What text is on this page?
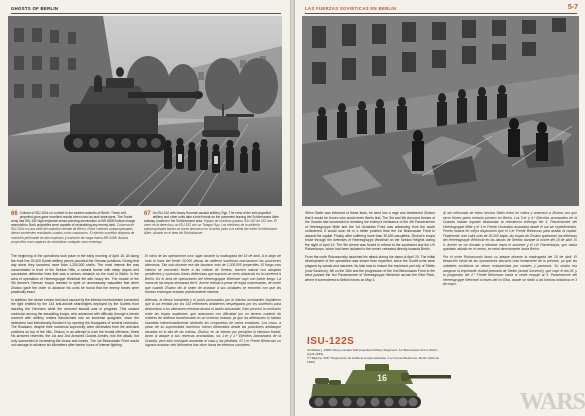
GHOSTS OF BERLIN
66 Column of ISU-152s on a street in the eastern suburbs of Berlin. These self-propelled guns gave excellent results when used as tank destroyers. The Soviet army has ISU-152 high-explosive-armor-piercing ammunition or BR-540B hollow-charge ammunition. Both projectiles were capable of neutralizing any enemy tank. Columna de ISU-152s en una calle del suburbio oriental de Berlín. Estos cañones autopropulsados dieron excelentes resultados usados como cazacarros. El ejército soviético disponía de munición perforante de alto explosivo y munición de carga hueca BR-540B. Ambos proyectiles eran capaces de neutralizar cualquier carro enemigo.
67 An ISU-152 with heavy Hummel assault artillery, Ryp. The crew of the self-propelled artillery and other units take a brief break on the pavement leaving the Schönhauser Allee subway, located in the Schönhauser area. Equipo de nuestros pasaba ISU-152 de 152 mm. El carro en la derecha y un ISU-152 con un Tanque Ryp. Los efectivos de la artillería autopropulsada toman un breve descanso en la acera junto a la salida del metro Schönhauser Allee, situado en el área de Schönhauser.

The beginning of the operations took place in the early morning of April 16. All along the front line 20,000 Soviet artillery pieces pounded the German positions. During that day alone they launched more than 1,200,000 shells. The most intense fire was concentrated in front of the Seelow Hills, a natural barrier with steep slopes and successive defensive lines that was a serious obstacle on the road to Berlin. In the area of operations of Heeresgruppe Weichsel fell with heavy fire. The morale of the 9th Armee's German troops resisted in spite of unnecessary casualties that when Zhukov gave the order to advance his units he found that the enemy forces were practically intact.

In addition, the dense smoke and dust caused by the intense bombardment prevented the light emitted by the 143 anti-aircraft searchlights deployed by the Soviets from dazzling the Germans while the armored assault was in progress. This caused confusion among the assaulting troops, who advanced with difficulty through a terrain covered with artillery craters transformed into an immense quagmire, since the defenders had intentionally flooded it by opening the floodgates of several reservoirs. The Russians, despite their numerical superiority, were decimated from the anti-tank positions on top of the hills. Zhukov, in an attempt to rush the frontal offensive, threw his armored reserves, the 1st and 2nd Armored Guards Armies, into the attack, but only succeeded in increasing the chaos and losses. The 1st Belorussian Front would not manage to advance six kilometers after twelve hours of intense fighting.

El inicio de las operaciones tuvo lugar durante la madrugada del 16 de abril. A lo largo de toda la línea del frente 20.000 piezas de artillería soviéticas machacaron las posiciones alemanas. Tan solo durante ese día lanzaron más de 1.200.000 proyectiles. El fuego más intenso se concentró frente a las colinas de Seelow, barrera natural con abruptas pendientes y sucesivas líneas defensivas que suponía un serio obstáculo en la carretera a Berlín. En el área de operaciones del Heeresgruppe Weichsel cayó con fuerte fuego. La moral de las tropas alemanas del 9. Armee resistió a pesar de bajas innecesarias, de modo que cuando Zhukov dio la orden de avanzar a sus unidades se encontró con que las fuerzas enemigas estaban prácticamente intactas.

Además, la densa humareda y el polvo provocados por el intenso bombardeo impidieron que la luz emitida por los 143 reflectores antiaéreos desplegados por los soviéticos para deslumbrar a los alemanes mientras durara el asalto acorazado. Esto provocó la confusión entre las tropas asaltantes, que avanzaron con dificultad por un terreno cubierto de cráteres de artillería transformado en un inmenso lodazal, ya que los defensores lo habían inundado intencionadamente abriendo las compuertas de varios embalses. Los rusos, a pesar de su superioridad numérica, fueron diezmados desde las posiciones antitanque situadas en lo alto de las colinas. Zhukov, en un intento por precipitar la ofensiva frontal, lanzó al ataque a sus reservas acorazadas, los 1.er y 2.º Ejércitos Acorazados de la Guardia, pero solo consiguió aumentar el caos y las pérdidas. El 1.er Frente Bielorruso no lograría avanzar seis kilómetros tras doce horas de intensos combates.

LAS FUERZAS SOVIÉTICAS EN BERLÍN	5-7

When Stalin was informed of these facts, he went into a rage and threatened Zhukov that it would be Konev who would enter Berlin first. The 3rd and 4th Armored Armies of the Guards had succeeded in breaking the enemy's resistance of the 4th Panzerarmee of Heeresgruppe Mitte and the 1st Ukrainian Front was advancing from the south unhindered. It would soon be in a better position than the 1st Belorussian Front to assault the capital. Finally, after suffering more than 30,000 casualties, Zhukov's troops broke through the defenses of Heeresgruppe Weichsel on the Seelow Heights during the night of April 19. The 9th Armee was forced to retreat to the southwest and the LVI Panzerkorps, which had been isolated in the center, retreated directly towards Berlin.

From the north Rokossovsky launched his attack during the dawn of April 20. The initial development of the operations was slower than expected, since the Soviet units were plagued by canals and marshes. Its task was to ensure the important port city of Stettin (now Szczecin), fell on the 26th and the progression of the 2nd Belorussian Front to the west pushed the 3rd Panzerarmee of Heeresgruppe Weichsel across the Elbe River, where it surrendered to British forces on May 3.

Al ser informado de estos hechos Stalin entró en cólera y amenazó a Zhukov con que sería Kónev quien entraría primero en Berlín. Los 3.er y 4.º Ejércitos acorazados de la Guardia habían logrado desbaratar la resistencia enemiga del 4. Panzerarmee del Heeresgruppe Mitte y el 1.er Frente Ucraniano avanzaba desde el sur sin impedimentos. Pronto estaría en mejor disposición que el 1.er Frente Bielorruso para asaltar la capital. Finalmente, tras sufrir más de 30.000 bajas, las tropas de Zhukov quebraron las defensas del Heeresgruppe Weichsel en las alturas de Seelow durante la noche del 19 de abril. El 9. Armee se vio forzado a retirarse hacia el suroeste y el LVI Panzerkorps, que había quedado aislado en el centro, se retiró directamente hacia Berlín.

Por el norte Rokossovski lanzó su ataque durante la madrugada del 20 de abril. El desarrollo inicial de las operaciones discurrió más lentamente de lo previsto, ya que las unidades soviéticas se vieron entorpecidas por canales y pantanos. Su misión era asegurar la importante ciudad portuaria de Stettin (actual Szczecin), que cayó el día 26, y la progresión del 2.º Frente Bielorruso hacia el oeste empujó al 3. Panzerarmee del Heeresgruppe Weichsel a través del río Elba, donde se rindió a las fuerzas británicas el 3 de mayo.

ISU-122S
3rd Battery, 338th Heavy Assault Self-propelled Artillery Regiment, 1st Belorussian Front, Berlin (April 1945)
3.ª Batería, 338.º Regimiento de Artillería Autopropulsada, 1.er Frente Bielorruso, Berlín (abril de 1945)
16
WARS
